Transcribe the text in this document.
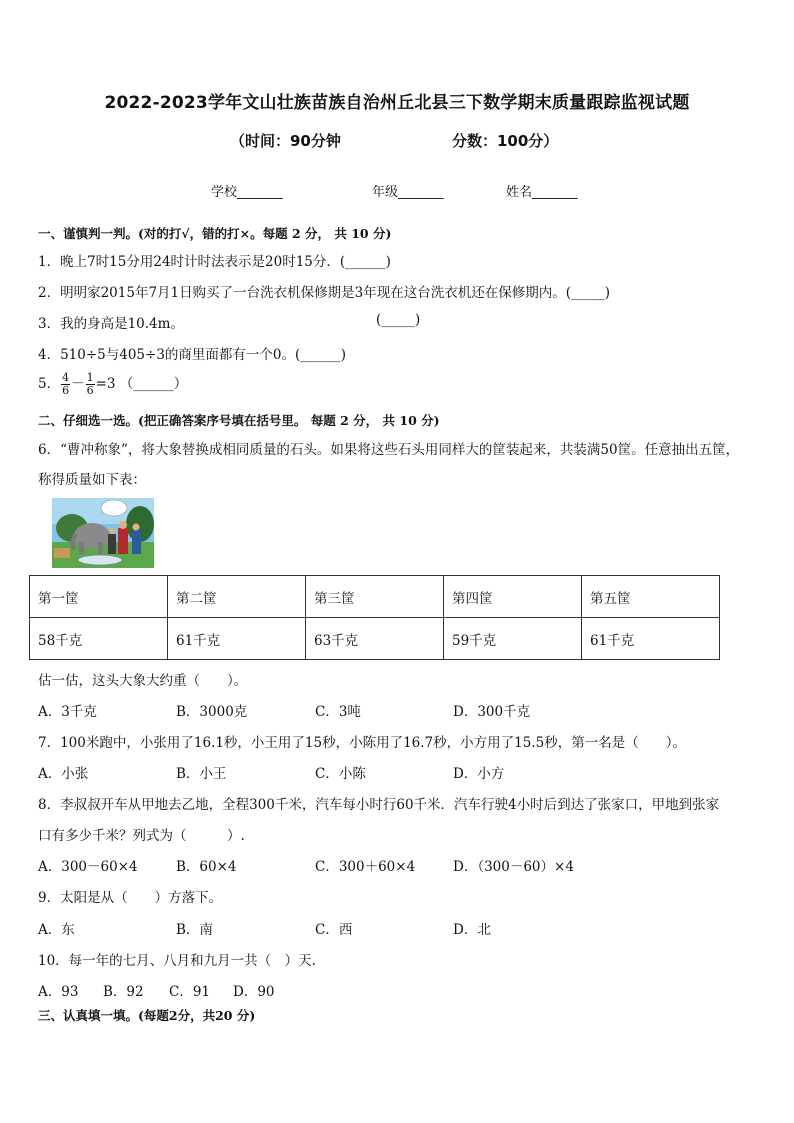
2022-2023学年文山壮族苗族自治州丘北县三下数学期末质量跟踪监视试题
（时间：90分钟	分数：100分）
学校_______	年级_______	姓名_______
一、谨慎判一判。(对的打√，错的打×。每题 2 分， 共 10 分)
1．晚上7时15分用24时计时法表示是20时15分．(______)
2．明明家2015年7月1日购买了一台洗衣机保修期是3年现在这台洗衣机还在保修期内。(_____)
3．我的身高是10.4m。	(_____)
4．510÷5与405÷3的商里面都有一个0。(______)
5． $\frac{4}{6} - \frac{1}{6} =3$ （______）
二、仔细选一选。(把正确答案序号填在括号里。 每题 2 分， 共 10 分)
6．“曹冲称象”，将大象替换成相同质量的石头。如果将这些石头用同样大的筐装起来，共装满50筐。任意抽出五筐，
称得质量如下表：
第一筐	第二筐	第三筐	第四筐	第五筐
58千克	61千克	63千克	59千克	61千克
估一估，这头大象大约重（　　）。
A．3千克	B．3000克	C．3吨	D．300千克
7．100米跑中，小张用了16.1秒，小王用了15秒，小陈用了16.7秒，小方用了15.5秒，第一名是（　　）。
A．小张	B．小王	C．小陈	D．小方
8．李叔叔开车从甲地去乙地，全程300千米，汽车每小时行60千米．汽车行驶4小时后到达了张家口，甲地到张家
口有多少千米？列式为（　　　）.
A．300－60×4	B．60×4	C．300＋60×4	D．（300－60）×4
9．太阳是从（　　）方落下。
A．东	B．南	C．西	D．北
10．每一年的七月、八月和九月一共（　）天.
A．93 B．92 C．91 D．90
三、认真填一填。(每题2分，共20 分)
